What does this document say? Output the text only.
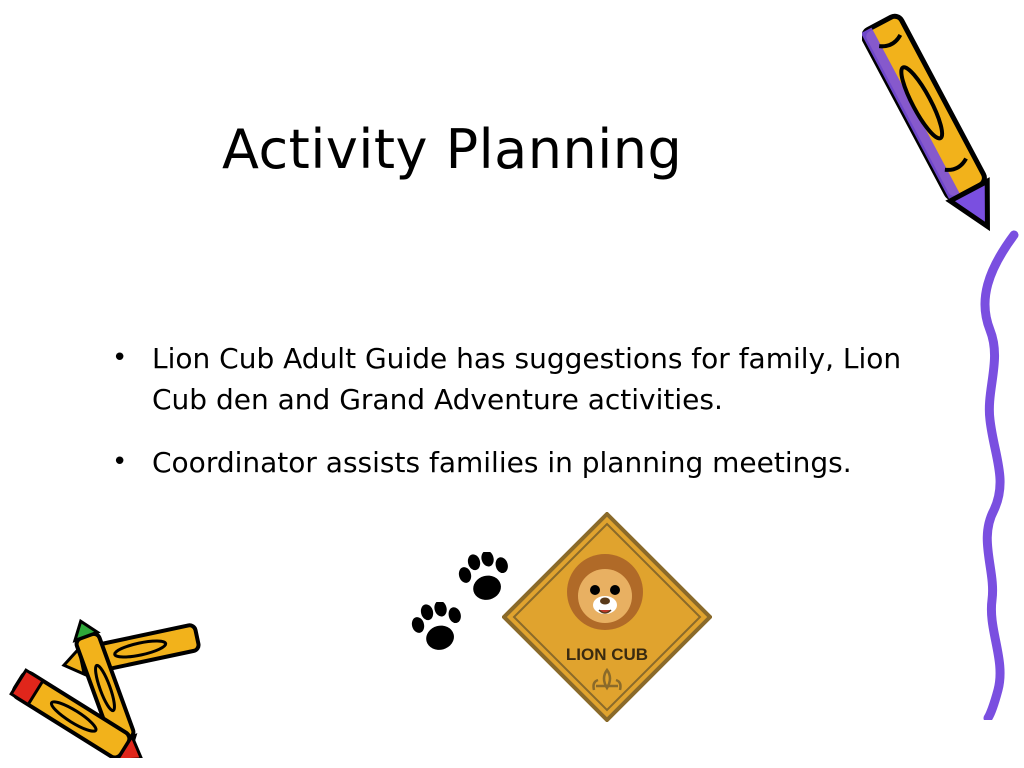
Activity Planning
• Lion Cub Adult Guide has suggestions for family, Lion Cub den and Grand Adventure activities.
• Coordinator assists families in planning meetings.
LION CUB
